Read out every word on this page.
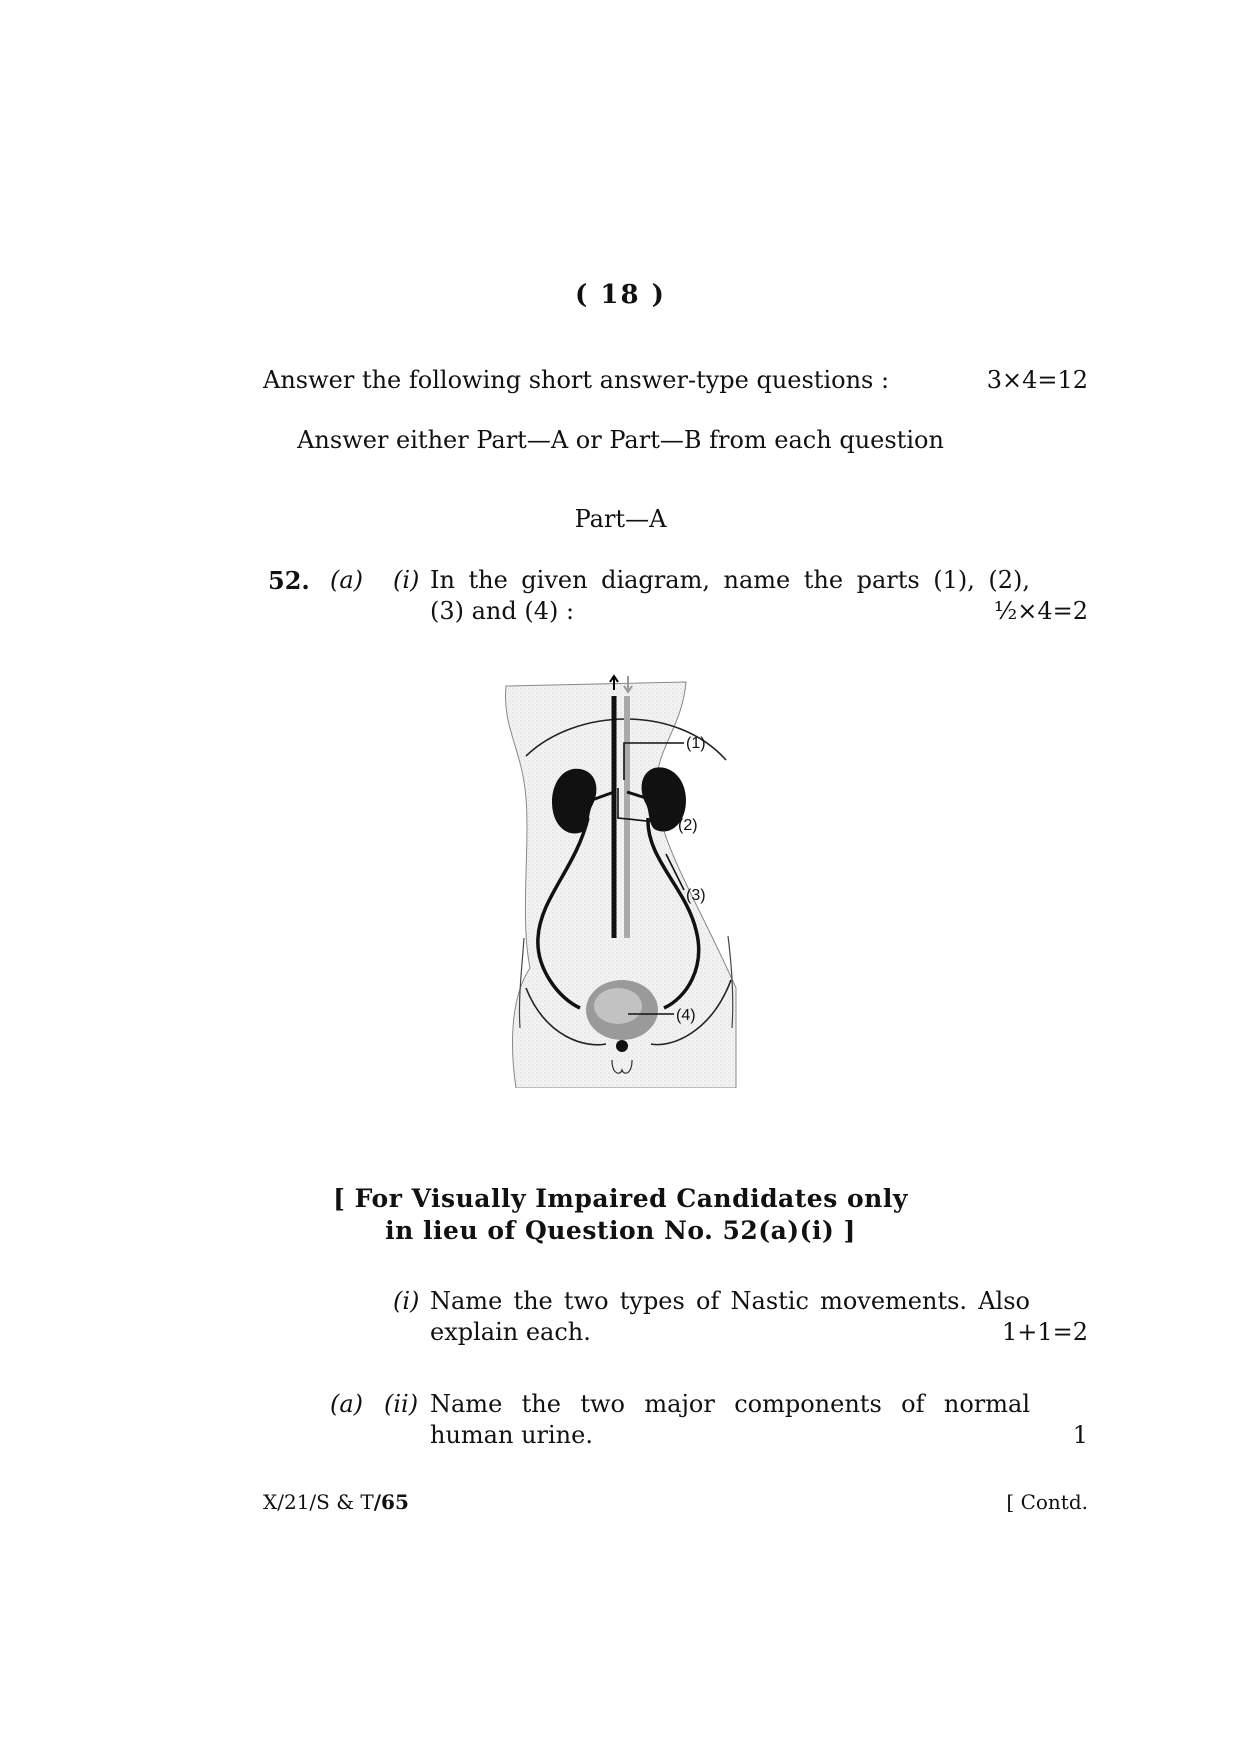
( 18 )
Answer the following short answer-type questions :	3×4=12
Answer either Part—A or Part—B from each question
Part—A
52. (a) (i) In the given diagram, name the parts (1), (2),
(3) and (4) :	½×4=2
(1)
(2)
(3)
(4)
[ For Visually Impaired Candidates only
in lieu of Question No. 52(a)(i) ]
(i) Name the two types of Nastic movements. Also
explain each.	1+1=2
(a) (ii) Name the two major components of normal
human urine.	1
X/21/S & T/65	[ Contd.
